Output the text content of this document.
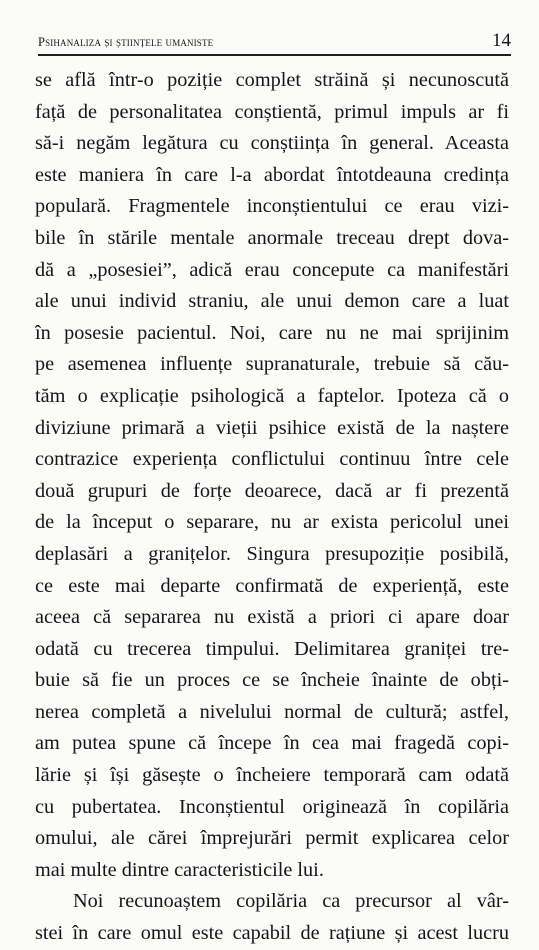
Psihanaliza și științele umaniste	14
se află într-o poziție complet străină și necunoscută
față de personalitatea conștientă, primul impuls ar fi
să-i negăm legătura cu conștiința în general. Aceasta
este maniera în care l-a abordat întotdeauna credința
populară. Fragmentele inconștientului ce erau vizi-
bile în stările mentale anormale treceau drept dova-
dă a „posesiei”, adică erau concepute ca manifestări
ale unui individ straniu, ale unui demon care a luat
în posesie pacientul. Noi, care nu ne mai sprijinim
pe asemenea influențe supranaturale, trebuie să cău-
tăm o explicație psihologică a faptelor. Ipoteza că o
diviziune primară a vieții psihice există de la naștere
contrazice experiența conflictului continuu între cele
două grupuri de forțe deoarece, dacă ar fi prezentă
de la început o separare, nu ar exista pericolul unei
deplasări a granițelor. Singura presupoziție posibilă,
ce este mai departe confirmată de experiență, este
aceea că separarea nu există a priori ci apare doar
odată cu trecerea timpului. Delimitarea graniței tre-
buie să fie un proces ce se încheie înainte de obți-
nerea completă a nivelului normal de cultură; astfel,
am putea spune că începe în cea mai fragedă copi-
lărie și își găsește o încheiere temporară cam odată
cu pubertatea. Inconștientul originează în copilăria
omului, ale cărei împrejurări permit explicarea celor
mai multe dintre caracteristicile lui.
Noi recunoaștem copilăria ca precursor al vâr-
stei în care omul este capabil de rațiune și acest lucru
